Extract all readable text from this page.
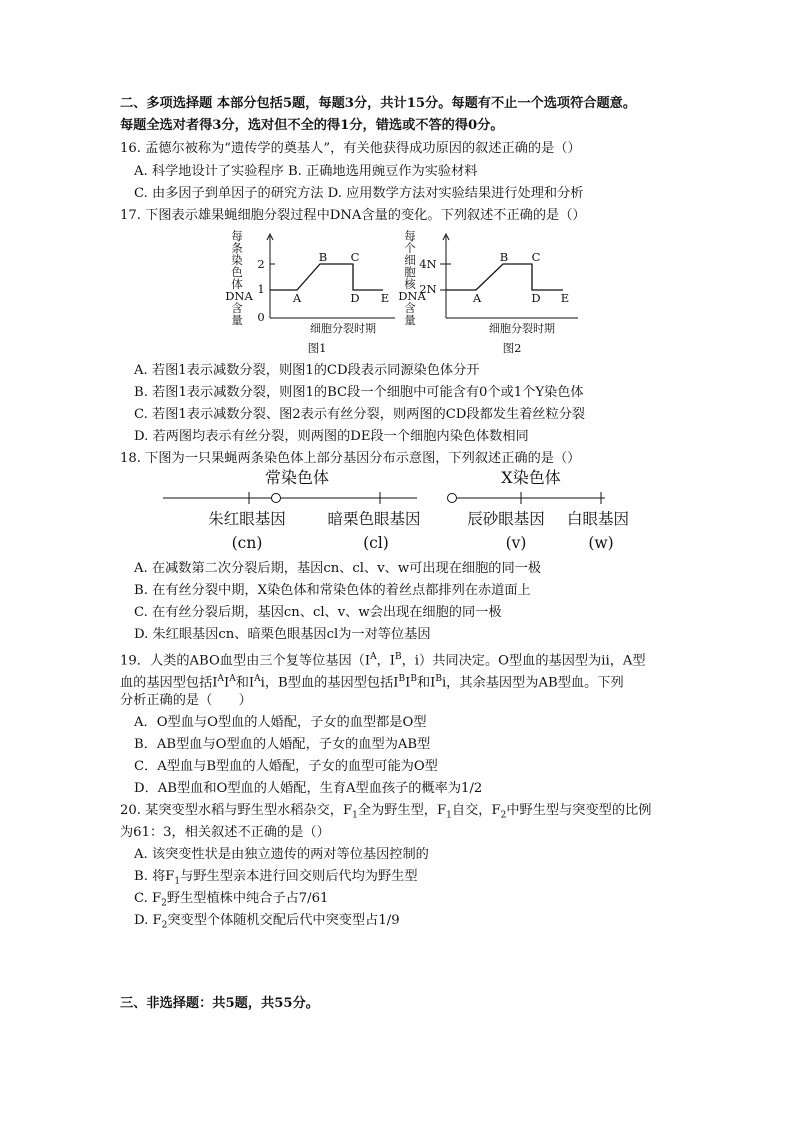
二、多项选择题 本部分包括5题，每题3分，共计15分。每题有不止一个选项符合题意。
每题全选对者得3分，选对但不全的得1分，错选或不答的得0分。
16. 孟德尔被称为“遗传学的奠基人”，有关他获得成功原因的叙述正确的是（）
A. 科学地设计了实验程序 B. 正确地选用豌豆作为实验材料
C. 由多因子到单因子的研究方法 D. 应用数学方法对实验结果进行处理和分析
17. 下图表示雄果蝇细胞分裂过程中DNA含量的变化。下列叙述不正确的是（）
每
条
染
色
体
DNA
含
量
2
1
0
A
B C
D E
细胞分裂时期
图1
每
个
细
胞
核
DNA
含
量
4N
2N
A
B C
D E
细胞分裂时期
图2
A. 若图1表示减数分裂，则图1的CD段表示同源染色体分开
B. 若图1表示减数分裂，则图1的BC段一个细胞中可能含有0个或1个Y染色体
C. 若图1表示减数分裂、图2表示有丝分裂，则两图的CD段都发生着丝粒分裂
D. 若两图均表示有丝分裂，则两图的DE段一个细胞内染色体数相同
18. 下图为一只果蝇两条染色体上部分基因分布示意图，下列叙述正确的是（）
常染色体	X染色体
朱红眼基因
(cn)
暗栗色眼基因
(cl)
辰砂眼基因
(v)
白眼基因
(w)
A. 在减数第二次分裂后期，基因cn、cl、v、w可出现在细胞的同一极
B. 在有丝分裂中期，X染色体和常染色体的着丝点都排列在赤道面上
C. 在有丝分裂后期，基因cn、cl、v、w会出现在细胞的同一极
D. 朱红眼基因cn、暗栗色眼基因cl为一对等位基因
19．人类的ABO血型由三个复等位基因（$I^A$，$I^B$，i）共同决定。O型血的基因型为ii，A型
血的基因型包括$I^AI^A$和$I^Ai$，B型血的基因型包括$I^BI^B$和$I^Bi$，其余基因型为AB型血。下列
分析正确的是（　　）
A．O型血与O型血的人婚配，子女的血型都是O型
B．AB型血与O型血的人婚配，子女的血型为AB型
C．A型血与B型血的人婚配，子女的血型可能为O型
D．AB型血和O型血的人婚配，生育A型血孩子的概率为1/2
20. 某突变型水稻与野生型水稻杂交，$F_1$全为野生型，$F_1$自交，$F_2$中野生型与突变型的比例
为61：3，相关叙述不正确的是（）
A. 该突变性状是由独立遗传的两对等位基因控制的
B. 将$F_1$与野生型亲本进行回交则后代均为野生型
C. $F_2$野生型植株中纯合子占7/61
D. $F_2$突变型个体随机交配后代中突变型占1/9
三、非选择题：共5题，共55分。
